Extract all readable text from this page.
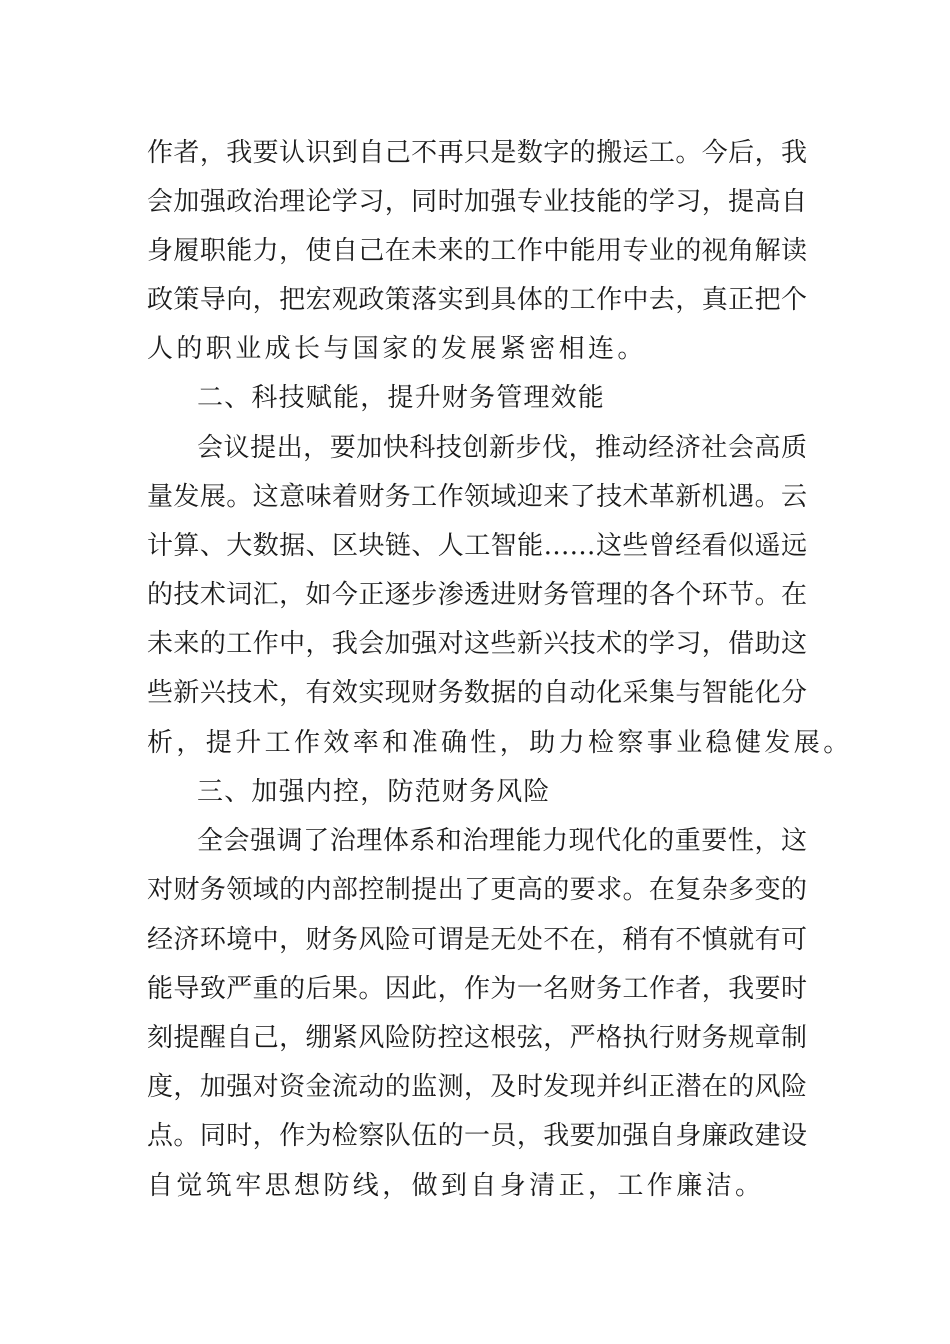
作者，我要认识到自己不再只是数字的搬运工。今后，我
会加强政治理论学习，同时加强专业技能的学习，提高自
身履职能力，使自己在未来的工作中能用专业的视角解读
政策导向，把宏观政策落实到具体的工作中去，真正把个
人的职业成长与国家的发展紧密相连。
二、科技赋能，提升财务管理效能
会议提出，要加快科技创新步伐，推动经济社会高质
量发展。这意味着财务工作领域迎来了技术革新机遇。云
计算、大数据、区块链、人工智能……这些曾经看似遥远
的技术词汇，如今正逐步渗透进财务管理的各个环节。在
未来的工作中，我会加强对这些新兴技术的学习，借助这
些新兴技术，有效实现财务数据的自动化采集与智能化分
析，提升工作效率和准确性，助力检察事业稳健发展。
三、加强内控，防范财务风险
全会强调了治理体系和治理能力现代化的重要性，这
对财务领域的内部控制提出了更高的要求。在复杂多变的
经济环境中，财务风险可谓是无处不在，稍有不慎就有可
能导致严重的后果。因此，作为一名财务工作者，我要时
刻提醒自己，绷紧风险防控这根弦，严格执行财务规章制
度，加强对资金流动的监测，及时发现并纠正潜在的风险
点。同时，作为检察队伍的一员，我要加强自身廉政建设
自觉筑牢思想防线，做到自身清正，工作廉洁。
